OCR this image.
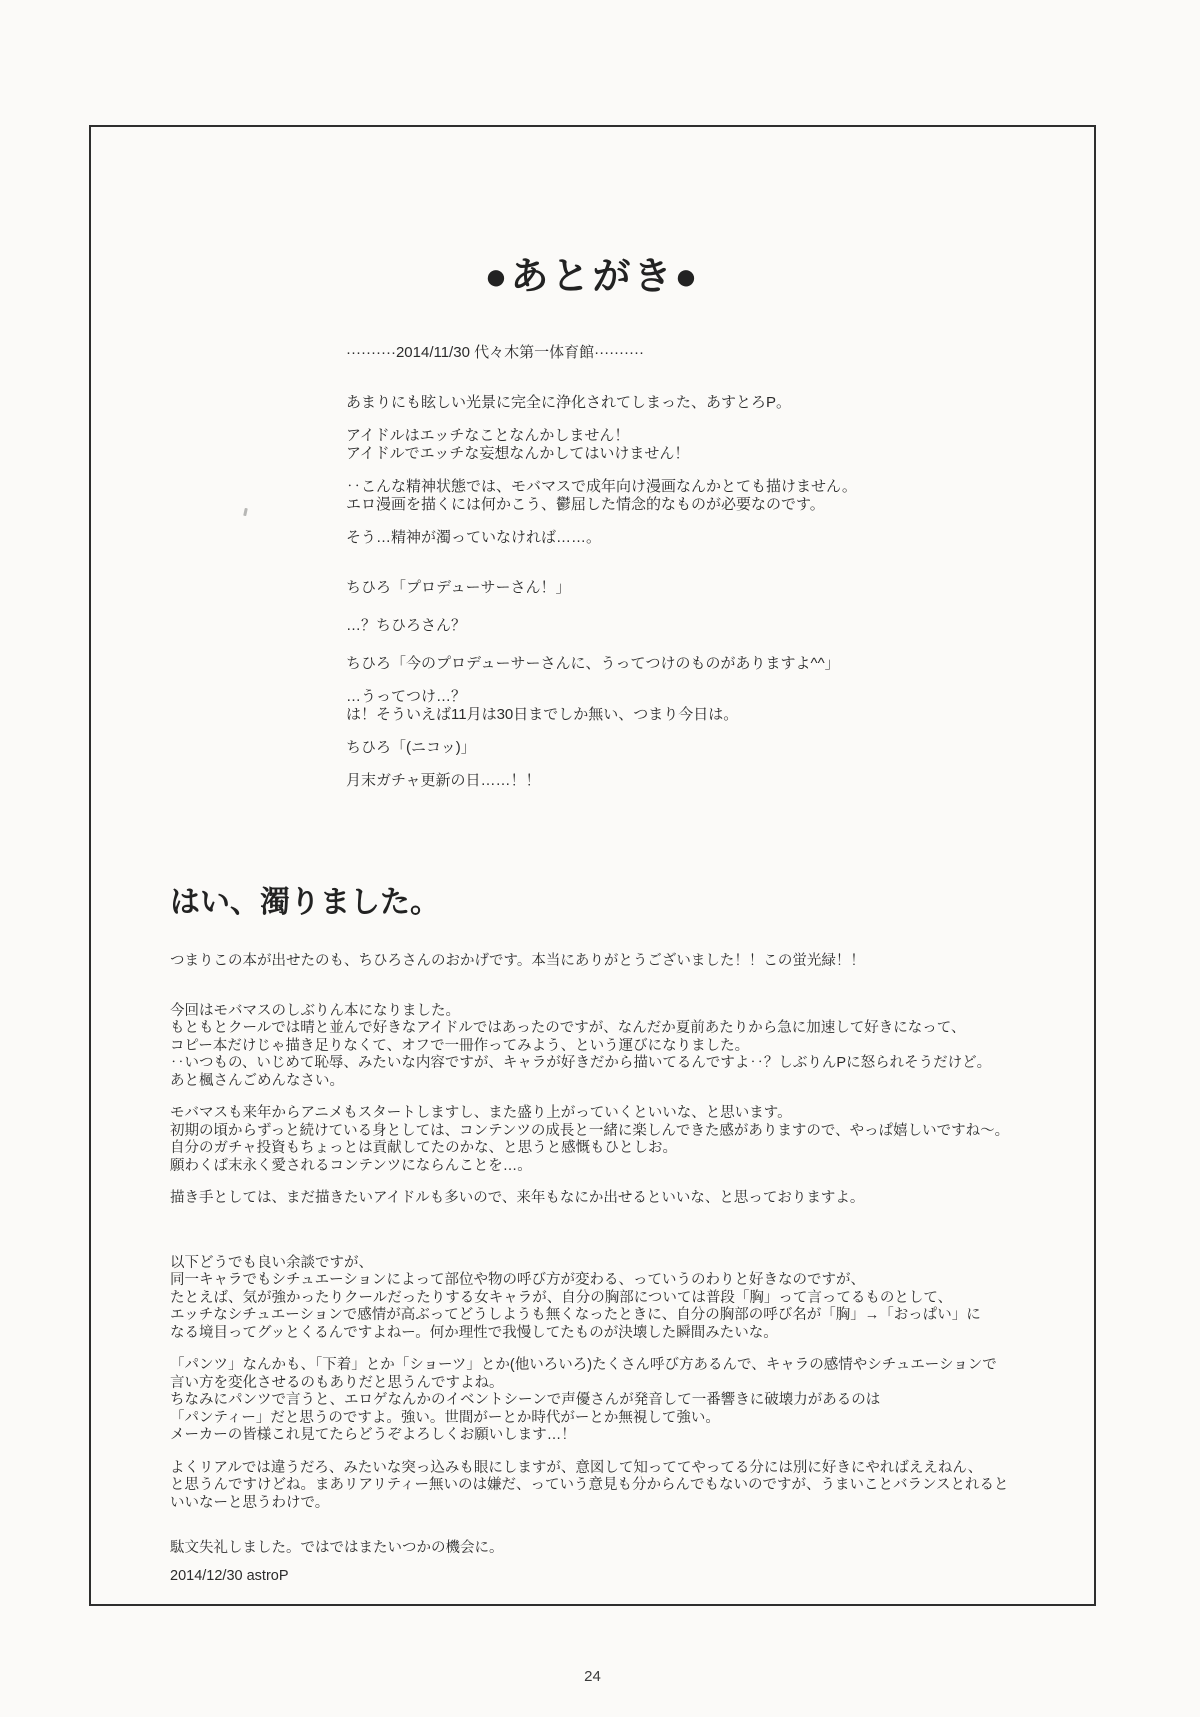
●あとがき●
··········2014/11/30 代々木第一体育館··········
あまりにも眩しい光景に完全に浄化されてしまった、あすとろP。
アイドルはエッチなことなんかしません！
アイドルでエッチな妄想なんかしてはいけません！
‥こんな精神状態では、モバマスで成年向け漫画なんかとても描けません。
エロ漫画を描くには何かこう、鬱屈した情念的なものが必要なのです。
そう…精神が濁っていなければ……。
ちひろ「プロデューサーさん！」
…？ちひろさん？
ちひろ「今のプロデューサーさんに、うってつけのものがありますよ^^」
…うってつけ…？
は！そういえば11月は30日までしか無い、つまり今日は。
ちひろ「(ニコッ)」
月末ガチャ更新の日……！！
はい、濁りました。
つまりこの本が出せたのも、ちひろさんのおかげです。本当にありがとうございました！！この蛍光緑！！
今回はモバマスのしぶりん本になりました。
もともとクールでは晴と並んで好きなアイドルではあったのですが、なんだか夏前あたりから急に加速して好きになって、
コピー本だけじゃ描き足りなくて、オフで一冊作ってみよう、という運びになりました。
‥いつもの、いじめて恥辱、みたいな内容ですが、キャラが好きだから描いてるんですよ‥？しぶりんPに怒られそうだけど。
あと楓さんごめんなさい。
モバマスも来年からアニメもスタートしますし、また盛り上がっていくといいな、と思います。
初期の頃からずっと続けている身としては、コンテンツの成長と一緒に楽しんできた感がありますので、やっぱ嬉しいですね～。
自分のガチャ投資もちょっとは貢献してたのかな、と思うと感慨もひとしお。
願わくば末永く愛されるコンテンツにならんことを…。
描き手としては、まだ描きたいアイドルも多いので、来年もなにか出せるといいな、と思っておりますよ。
以下どうでも良い余談ですが、
同一キャラでもシチュエーションによって部位や物の呼び方が変わる、っていうのわりと好きなのですが、
たとえば、気が強かったりクールだったりする女キャラが、自分の胸部については普段「胸」って言ってるものとして、
エッチなシチュエーションで感情が高ぶってどうしようも無くなったときに、自分の胸部の呼び名が「胸」→「おっぱい」に
なる境目ってグッとくるんですよねー。何か理性で我慢してたものが決壊した瞬間みたいな。
「パンツ」なんかも、「下着」とか「ショーツ」とか(他いろいろ)たくさん呼び方あるんで、キャラの感情やシチュエーションで
言い方を変化させるのもありだと思うんですよね。
ちなみにパンツで言うと、エロゲなんかのイベントシーンで声優さんが発音して一番響きに破壊力があるのは
「パンティー」だと思うのですよ。強い。世間がーとか時代がーとか無視して強い。
メーカーの皆様これ見てたらどうぞよろしくお願いします…！
よくリアルでは違うだろ、みたいな突っ込みも眼にしますが、意図して知っててやってる分には別に好きにやればええねん、
と思うんですけどね。まあリアリティー無いのは嫌だ、っていう意見も分からんでもないのですが、うまいことバランスとれると
いいなーと思うわけで。
駄文失礼しました。ではではまたいつかの機会に。
2014/12/30 astroP
24
